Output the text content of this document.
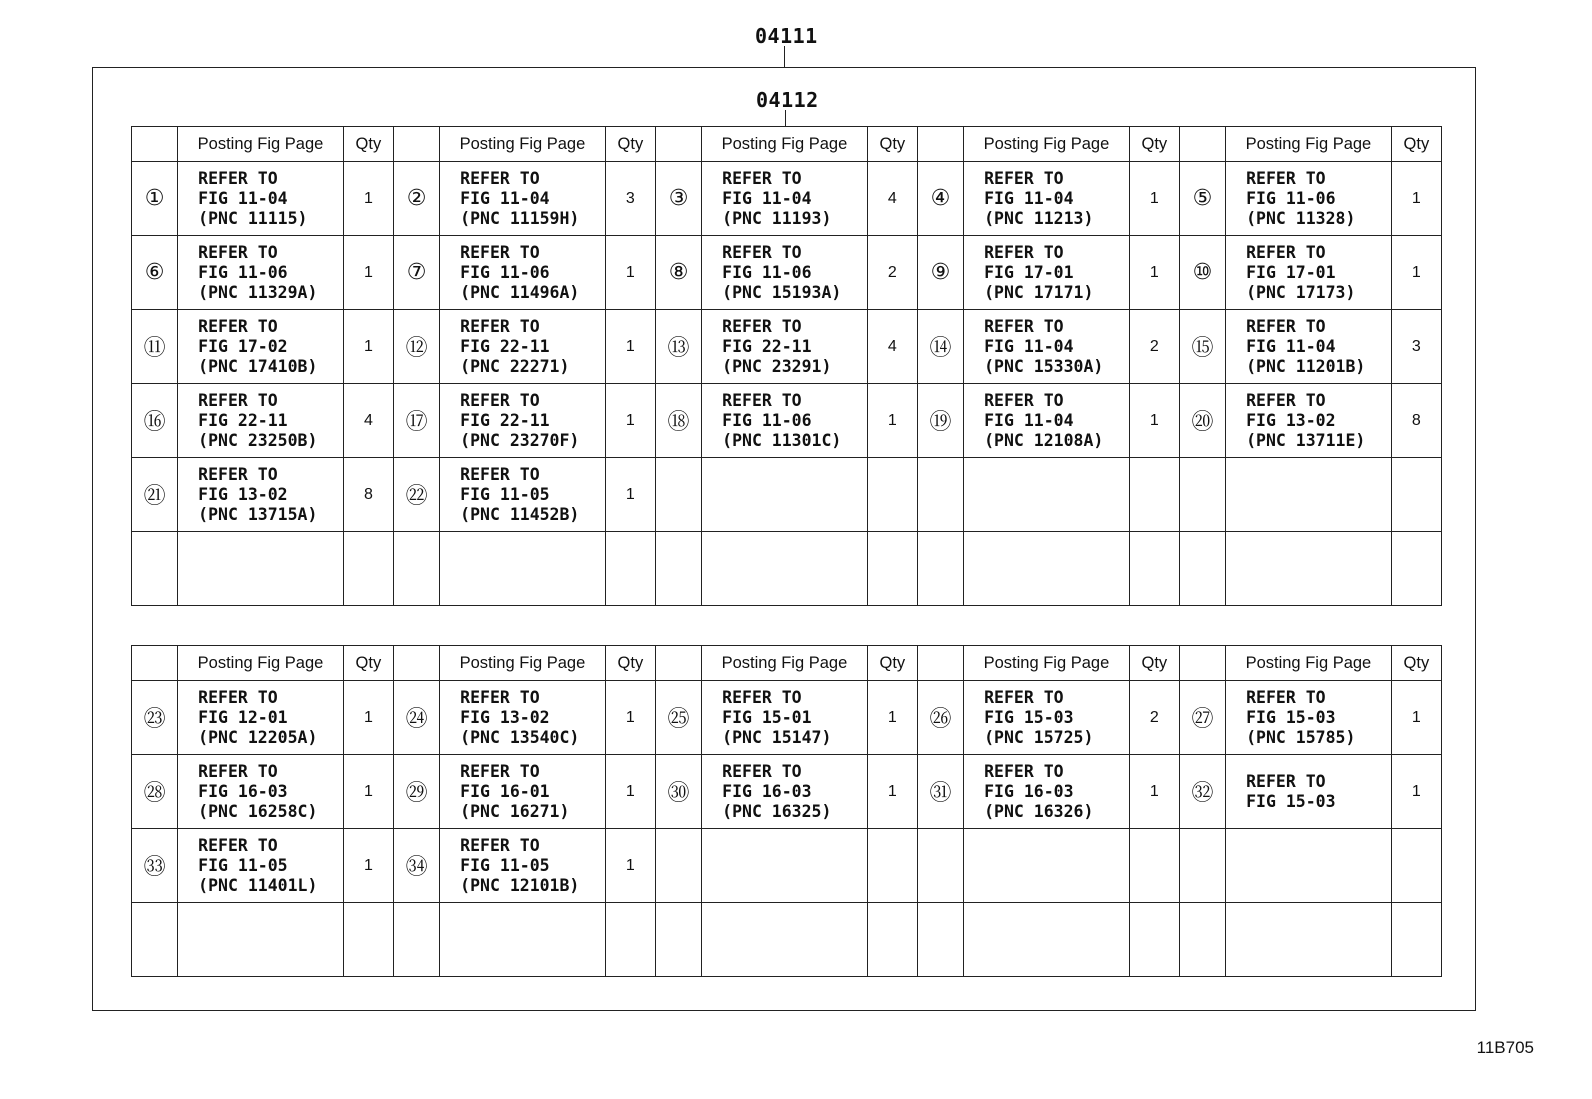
04111
04112
	Posting Fig Page	Qty		Posting Fig Page	Qty		Posting Fig Page	Qty		Posting Fig Page	Qty		Posting Fig Page	Qty
①	REFER TO
FIG 11-04
(PNC 11115)	1	②	REFER TO
FIG 11-04
(PNC 11159H)	3	③	REFER TO
FIG 11-04
(PNC 11193)	4	④	REFER TO
FIG 11-04
(PNC 11213)	1	⑤	REFER TO
FIG 11-06
(PNC 11328)	1
⑥	REFER TO
FIG 11-06
(PNC 11329A)	1	⑦	REFER TO
FIG 11-06
(PNC 11496A)	1	⑧	REFER TO
FIG 11-06
(PNC 15193A)	2	⑨	REFER TO
FIG 17-01
(PNC 17171)	1	⑩	REFER TO
FIG 17-01
(PNC 17173)	1
⑪	REFER TO
FIG 17-02
(PNC 17410B)	1	⑫	REFER TO
FIG 22-11
(PNC 22271)	1	⑬	REFER TO
FIG 22-11
(PNC 23291)	4	⑭	REFER TO
FIG 11-04
(PNC 15330A)	2	⑮	REFER TO
FIG 11-04
(PNC 11201B)	3
⑯	REFER TO
FIG 22-11
(PNC 23250B)	4	⑰	REFER TO
FIG 22-11
(PNC 23270F)	1	⑱	REFER TO
FIG 11-06
(PNC 11301C)	1	⑲	REFER TO
FIG 11-04
(PNC 12108A)	1	⑳	REFER TO
FIG 13-02
(PNC 13711E)	8
㉑	REFER TO
FIG 13-02
(PNC 13715A)	8	㉒	REFER TO
FIG 11-05
(PNC 11452B)	1									

	Posting Fig Page	Qty		Posting Fig Page	Qty		Posting Fig Page	Qty		Posting Fig Page	Qty		Posting Fig Page	Qty
㉓	REFER TO
FIG 12-01
(PNC 12205A)	1	㉔	REFER TO
FIG 13-02
(PNC 13540C)	1	㉕	REFER TO
FIG 15-01
(PNC 15147)	1	㉖	REFER TO
FIG 15-03
(PNC 15725)	2	㉗	REFER TO
FIG 15-03
(PNC 15785)	1
㉘	REFER TO
FIG 16-03
(PNC 16258C)	1	㉙	REFER TO
FIG 16-01
(PNC 16271)	1	㉚	REFER TO
FIG 16-03
(PNC 16325)	1	㉛	REFER TO
FIG 16-03
(PNC 16326)	1	㉜	REFER TO
FIG 15-03	1
㉝	REFER TO
FIG 11-05
(PNC 11401L)	1	㉞	REFER TO
FIG 11-05
(PNC 12101B)	1									

11B705
